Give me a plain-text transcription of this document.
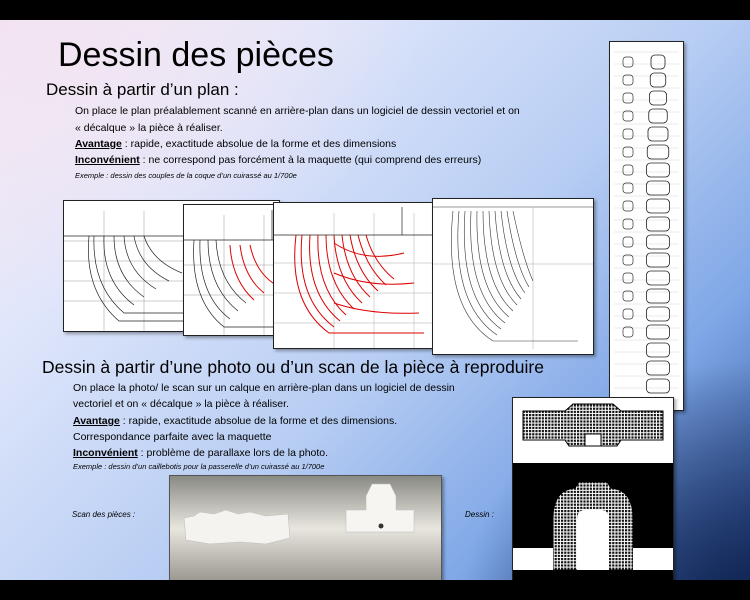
Dessin des pièces
Dessin à partir d’un plan :
On place le plan préalablement scanné en arrière-plan dans un logiciel de dessin vectoriel et on
« décalque » la pièce à réaliser.
Avantage : rapide, exactitude absolue de la forme et des dimensions
Inconvénient : ne correspond pas forcément à la maquette (qui comprend des erreurs)
Exemple : dessin des couples de la coque d’un cuirassé au 1/700e
Dessin à partir d’une photo ou d’un scan de la pièce à reproduire
On place la photo/ le scan sur un calque en arrière-plan dans un logiciel de dessin
vectoriel et on « décalque » la pièce à réaliser.
Avantage : rapide, exactitude absolue de la forme et des dimensions.
Correspondance parfaite avec la maquette
Inconvénient : problème de parallaxe lors de la photo.
Exemple : dessin d’un caillebotis pour la passerelle d’un cuirassé au 1/700e
Scan des pièces :	Dessin :
